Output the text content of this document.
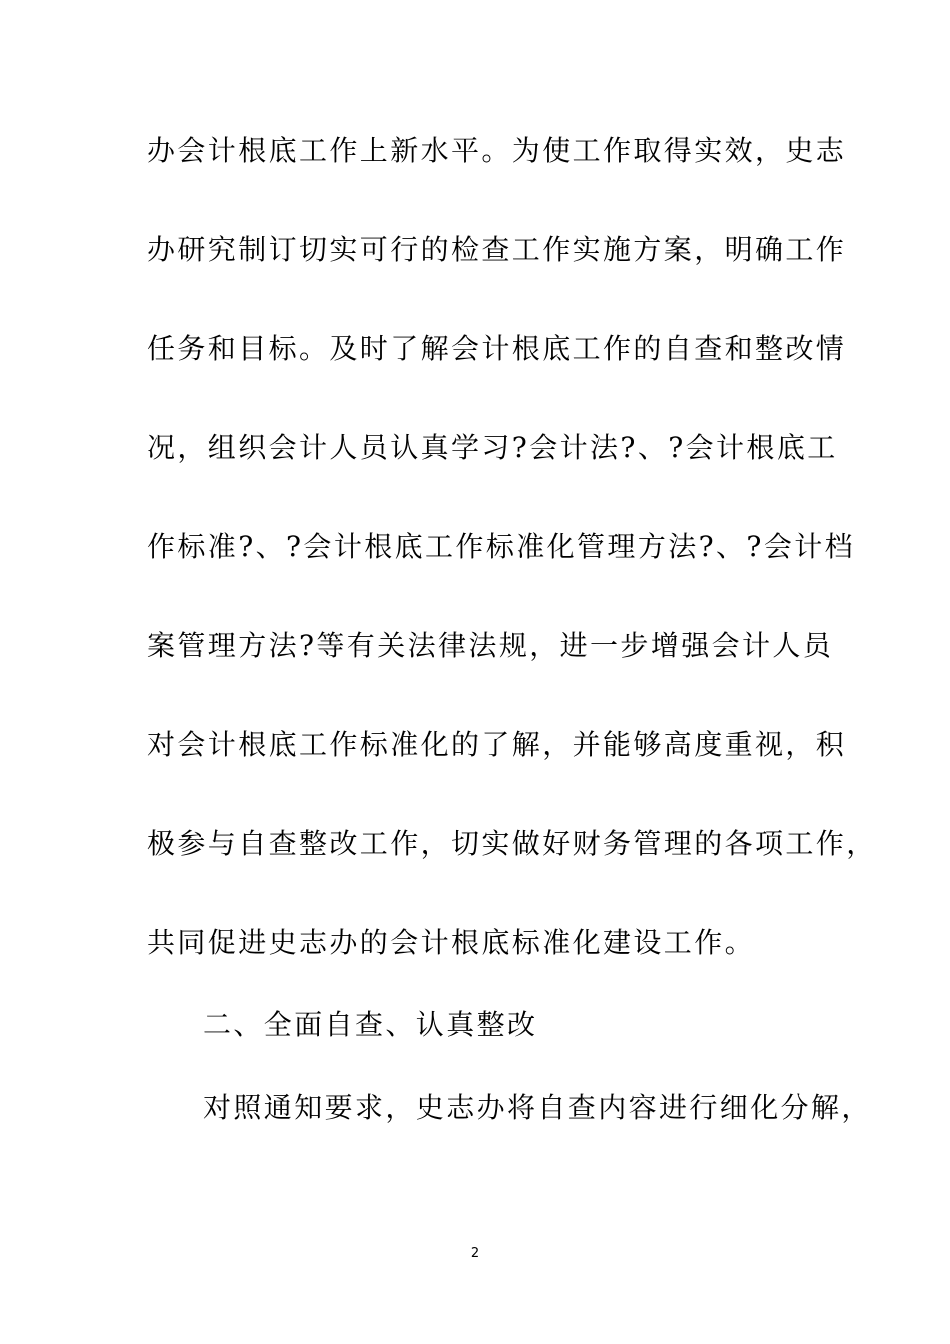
办会计根底工作上新水平。为使工作取得实效，史志
办研究制订切实可行的检查工作实施方案，明确工作
任务和目标。及时了解会计根底工作的自查和整改情
况，组织会计人员认真学习?会计法?、?会计根底工
作标准?、?会计根底工作标准化管理方法?、?会计档
案管理方法?等有关法律法规，进一步增强会计人员
对会计根底工作标准化的了解，并能够高度重视，积
极参与自查整改工作，切实做好财务管理的各项工作，
共同促进史志办的会计根底标准化建设工作。
二、全面自查、认真整改
对照通知要求，史志办将自查内容进行细化分解，
2
